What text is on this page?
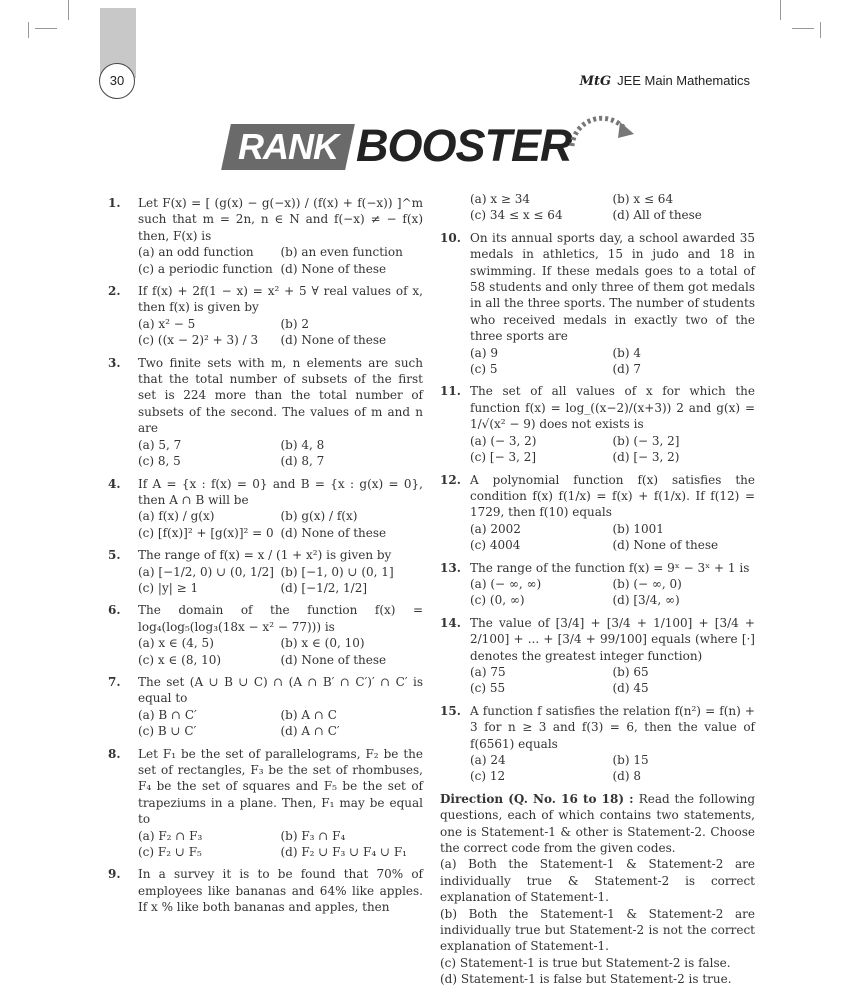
30	MtG JEE Main Mathematics
RANK BOOSTER
1. Let F(x) = [ (g(x) − g(−x)) / (f(x) + f(−x)) ]^m such that m = 2n, n ∈ N and f(−x) ≠ − f(x) then, F(x) is
(a) an odd function	(b) an even function
(c) a periodic function (d) None of these
2. If f(x) + 2f(1 − x) = x² + 5 ∀ real values of x, then f(x) is given by
(a) x² − 5	(b) 2
(c) ((x − 2)² + 3) / 3	(d) None of these
3. Two finite sets with m, n elements are such that the total number of subsets of the first set is 224 more than the total number of subsets of the second. The values of m and n are
(a) 5, 7	(b) 4, 8
(c) 8, 5	(d) 8, 7
4. If A = {x : f(x) = 0} and B = {x : g(x) = 0}, then A ∩ B will be
(a) f(x) / g(x)	(b) g(x) / f(x)
(c) [f(x)]² + [g(x)]² = 0 (d) None of these
5. The range of f(x) = x / (1 + x²) is given by
(a) [−1/2, 0) ∪ (0, 1/2] (b) [−1, 0) ∪ (0, 1]
(c) |y| ≥ 1	(d) [−1/2, 1/2]
6. The domain of the function f(x) = log₄(log₅(log₃(18x − x² − 77))) is
(a) x ∈ (4, 5)	(b) x ∈ (0, 10)
(c) x ∈ (8, 10)	(d) None of these
7. The set (A ∪ B ∪ C) ∩ (A ∩ B′ ∩ C′)′ ∩ C′ is equal to
(a) B ∩ C′	(b) A ∩ C
(c) B ∪ C′	(d) A ∩ C′
8. Let F₁ be the set of parallelograms, F₂ be the set of rectangles, F₃ be the set of rhombuses, F₄ be the set of squares and F₅ be the set of trapeziums in a plane. Then, F₁ may be equal to
(a) F₂ ∩ F₃	(b) F₃ ∩ F₄
(c) F₂ ∪ F₅	(d) F₂ ∪ F₃ ∪ F₄ ∪ F₁
9. In a survey it is to be found that 70% of employees like bananas and 64% like apples. If x % like both bananas and apples, then
(a) x ≥ 34	(b) x ≤ 64
(c) 34 ≤ x ≤ 64	(d) All of these
10. On its annual sports day, a school awarded 35 medals in athletics, 15 in judo and 18 in swimming. If these medals goes to a total of 58 students and only three of them got medals in all the three sports. The number of students who received medals in exactly two of the three sports are
(a) 9	(b) 4
(c) 5	(d) 7
11. The set of all values of x for which the function f(x) = log_((x−2)/(x+3)) 2 and g(x) = 1/√(x² − 9) does not exists is
(a) (− 3, 2)	(b) (− 3, 2]
(c) [− 3, 2]	(d) [− 3, 2)
12. A polynomial function f(x) satisfies the condition f(x) f(1/x) = f(x) + f(1/x). If f(12) = 1729, then f(10) equals
(a) 2002	(b) 1001
(c) 4004	(d) None of these
13. The range of the function f(x) = 9ˣ − 3ˣ + 1 is
(a) (− ∞, ∞)	(b) (− ∞, 0)
(c) (0, ∞)	(d) [3/4, ∞)
14. The value of [3/4] + [3/4 + 1/100] + [3/4 + 2/100] + ... + [3/4 + 99/100] equals (where [·] denotes the greatest integer function)
(a) 75	(b) 65
(c) 55	(d) 45
15. A function f satisfies the relation f(n²) = f(n) + 3 for n ≥ 3 and f(3) = 6, then the value of f(6561) equals
(a) 24	(b) 15
(c) 12	(d) 8
Direction (Q. No. 16 to 18) : Read the following questions, each of which contains two statements, one is Statement-1 & other is Statement-2. Choose the correct code from the given codes.
(a) Both the Statement-1 & Statement-2 are individually true & Statement-2 is correct explanation of Statement-1.
(b) Both the Statement-1 & Statement-2 are individually true but Statement-2 is not the correct explanation of Statement-1.
(c) Statement-1 is true but Statement-2 is false.
(d) Statement-1 is false but Statement-2 is true.
